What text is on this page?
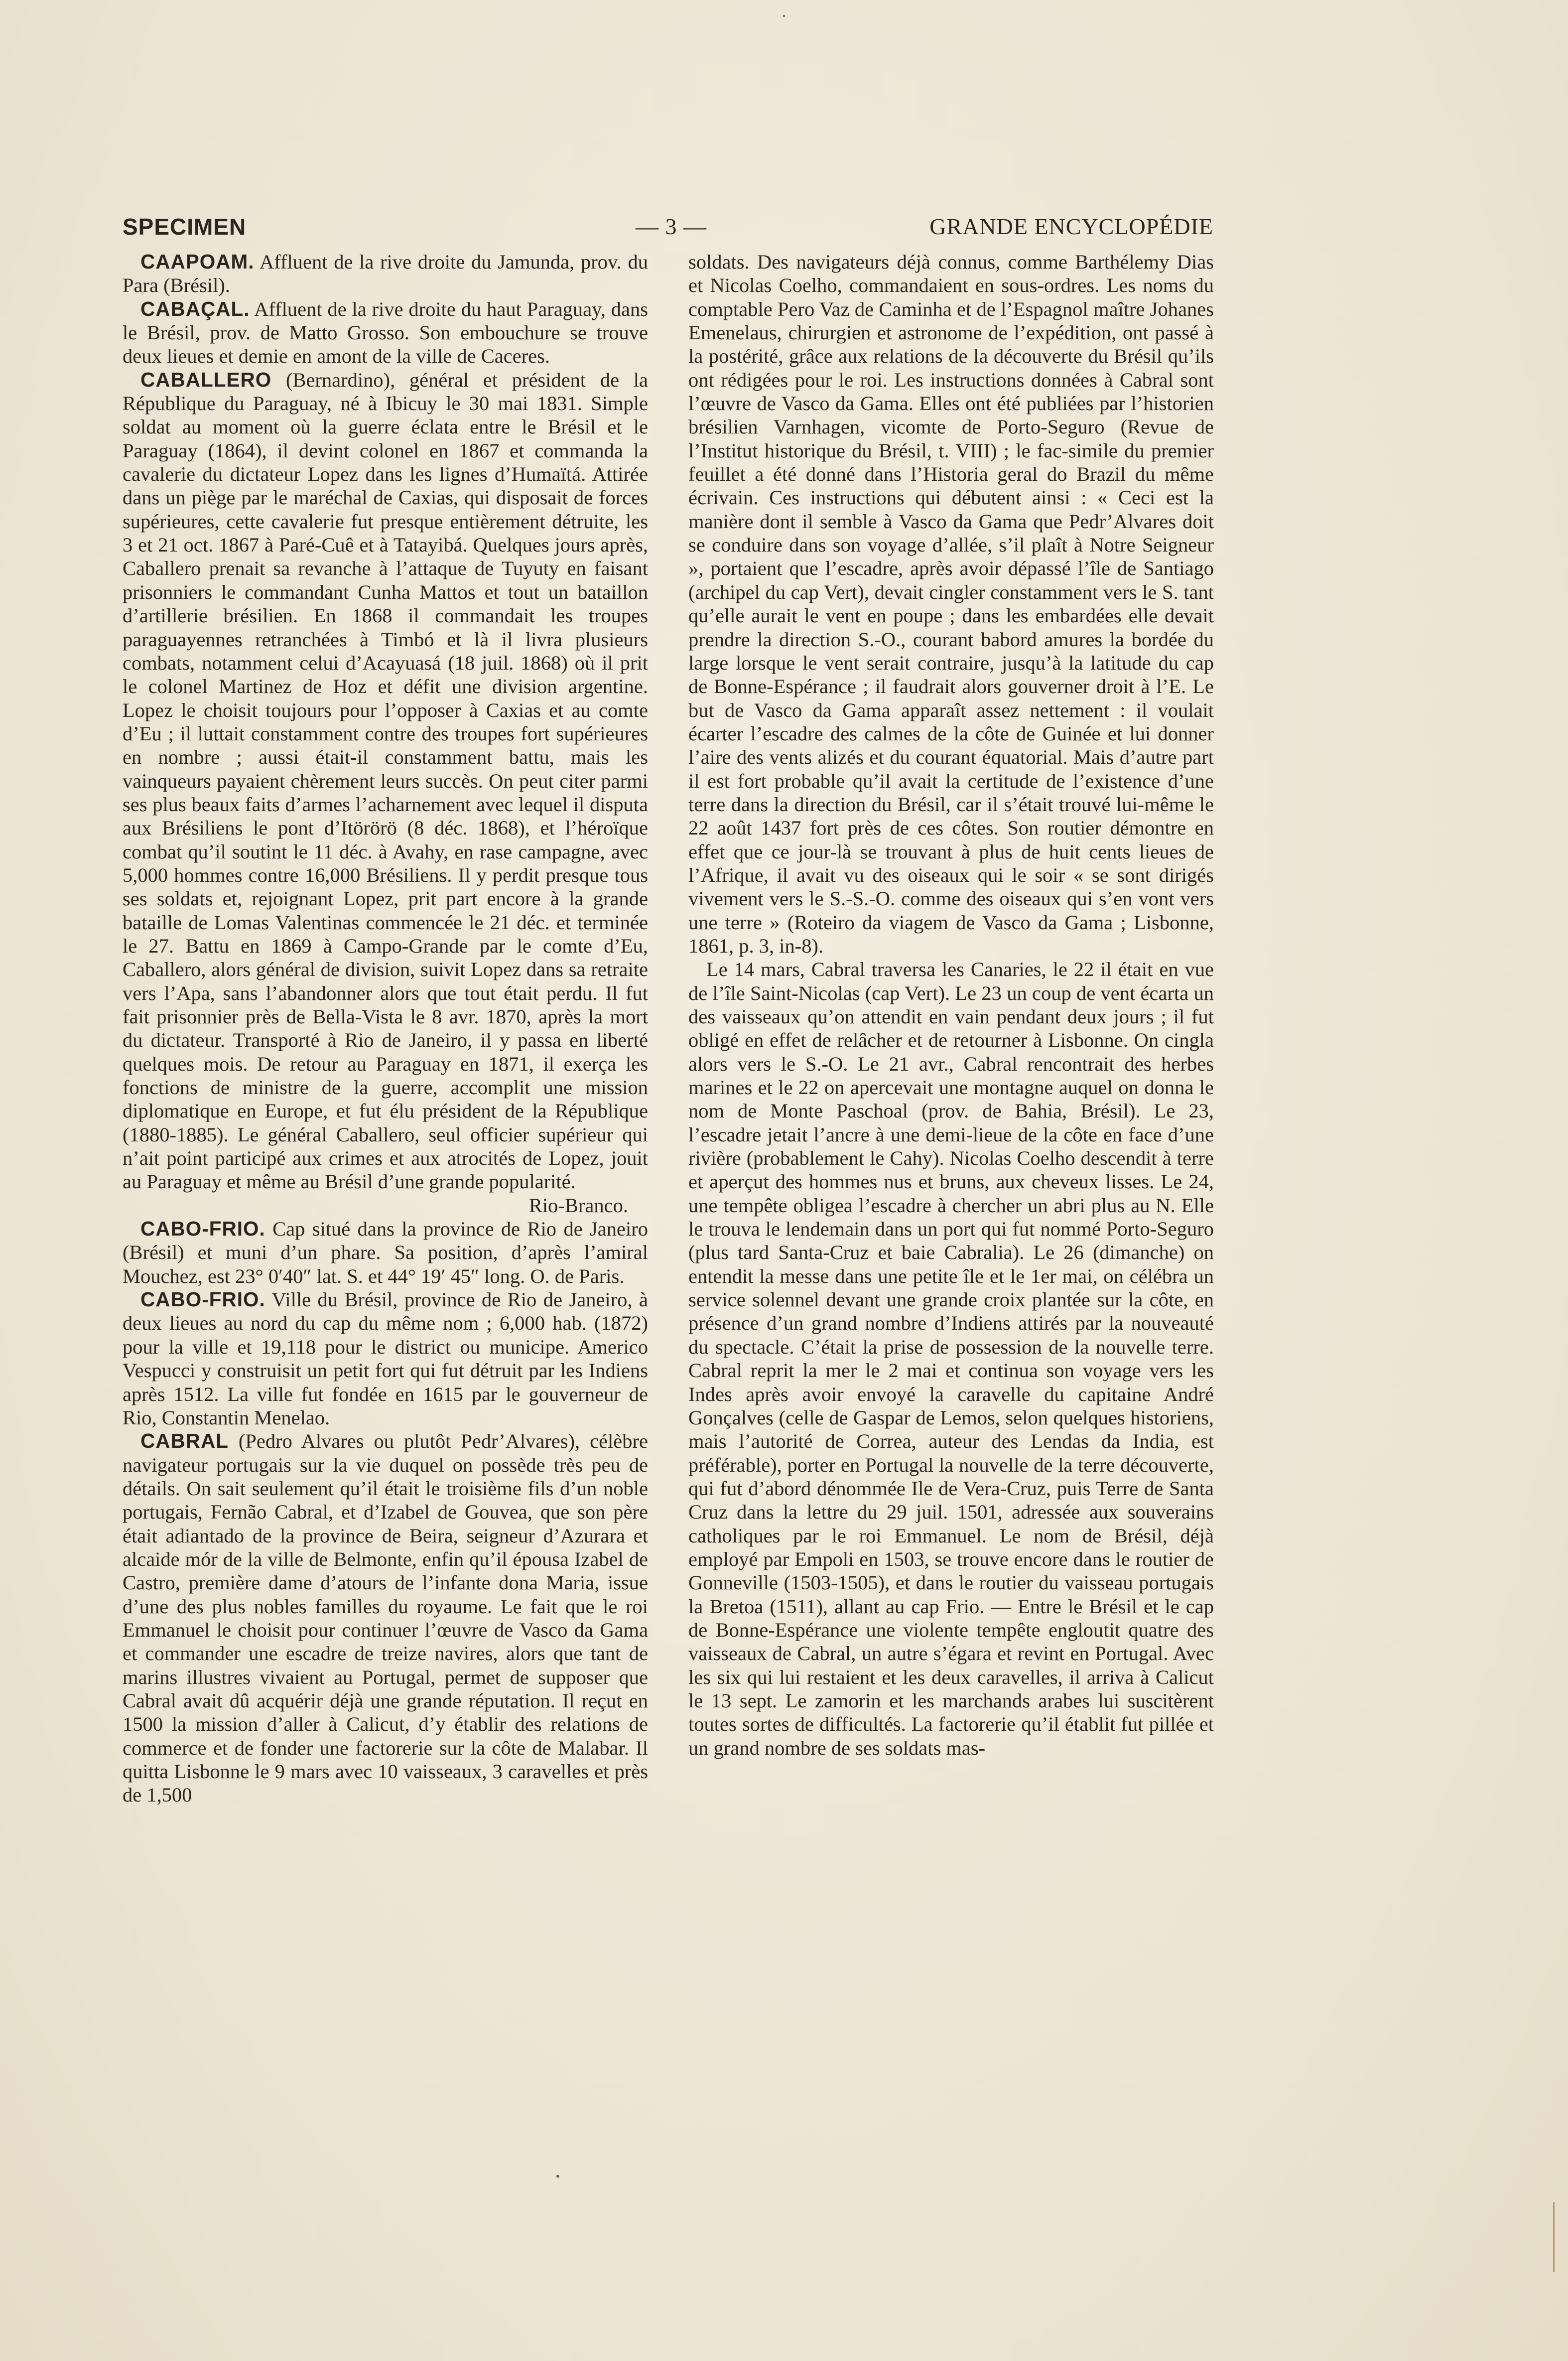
SPECIMEN	— 3 —	GRANDE ENCYCLOPÉDIE

CAAPOAM. Affluent de la rive droite du Jamunda, prov. du Para (Brésil).

CABAÇAL. Affluent de la rive droite du haut Paraguay, dans le Brésil, prov. de Matto Grosso. Son embouchure se trouve deux lieues et demie en amont de la ville de Caceres.

CABALLERO (Bernardino), général et président de la République du Paraguay, né à Ibicuy le 30 mai 1831. Simple soldat au moment où la guerre éclata entre le Brésil et le Paraguay (1864), il devint colonel en 1867 et commanda la cavalerie du dictateur Lopez dans les lignes d’Humaïtá. Attirée dans un piège par le maréchal de Caxias, qui disposait de forces supérieures, cette cavalerie fut presque entièrement détruite, les 3 et 21 oct. 1867 à Paré-Cuê et à Tatayibá. Quelques jours après, Caballero prenait sa revanche à l’attaque de Tuyuty en faisant prisonniers le commandant Cunha Mattos et tout un bataillon d’artillerie brésilien. En 1868 il commandait les troupes paraguayennes retranchées à Timbó et là il livra plusieurs combats, notamment celui d’Acayuasá (18 juil. 1868) où il prit le colonel Martinez de Hoz et défit une division argentine. Lopez le choisit toujours pour l’opposer à Caxias et au comte d’Eu ; il luttait constamment contre des troupes fort supérieures en nombre ; aussi était-il constamment battu, mais les vainqueurs payaient chèrement leurs succès. On peut citer parmi ses plus beaux faits d’armes l’acharnement avec lequel il disputa aux Brésiliens le pont d’Itörörö (8 déc. 1868), et l’héroïque combat qu’il soutint le 11 déc. à Avahy, en rase campagne, avec 5,000 hommes contre 16,000 Brésiliens. Il y perdit presque tous ses soldats et, rejoignant Lopez, prit part encore à la grande bataille de Lomas Valentinas commencée le 21 déc. et terminée le 27. Battu en 1869 à Campo-Grande par le comte d’Eu, Caballero, alors général de division, suivit Lopez dans sa retraite vers l’Apa, sans l’abandonner alors que tout était perdu. Il fut fait prisonnier près de Bella-Vista le 8 avr. 1870, après la mort du dictateur. Transporté à Rio de Janeiro, il y passa en liberté quelques mois. De retour au Paraguay en 1871, il exerça les fonctions de ministre de la guerre, accomplit une mission diplomatique en Europe, et fut élu président de la République (1880-1885). Le général Caballero, seul officier supérieur qui n’ait point participé aux crimes et aux atrocités de Lopez, jouit au Paraguay et même au Brésil d’une grande popularité.

Rio-Branco.

CABO-FRIO. Cap situé dans la province de Rio de Janeiro (Brésil) et muni d’un phare. Sa position, d’après l’amiral Mouchez, est 23° 0′40″ lat. S. et 44° 19′ 45″ long. O. de Paris.

CABO-FRIO. Ville du Brésil, province de Rio de Janeiro, à deux lieues au nord du cap du même nom ; 6,000 hab. (1872) pour la ville et 19,118 pour le district ou municipe. Americo Vespucci y construisit un petit fort qui fut détruit par les Indiens après 1512. La ville fut fondée en 1615 par le gouverneur de Rio, Constantin Menelao.

CABRAL (Pedro Alvares ou plutôt Pedr’Alvares), célèbre navigateur portugais sur la vie duquel on possède très peu de détails. On sait seulement qu’il était le troisième fils d’un noble portugais, Fernão Cabral, et d’Izabel de Gouvea, que son père était adiantado de la province de Beira, seigneur d’Azurara et alcaide mór de la ville de Belmonte, enfin qu’il épousa Izabel de Castro, première dame d’atours de l’infante dona Maria, issue d’une des plus nobles familles du royaume. Le fait que le roi Emmanuel le choisit pour continuer l’œuvre de Vasco da Gama et commander une escadre de treize navires, alors que tant de marins illustres vivaient au Portugal, permet de supposer que Cabral avait dû acquérir déjà une grande réputation. Il reçut en 1500 la mission d’aller à Calicut, d’y établir des relations de commerce et de fonder une factorerie sur la côte de Malabar. Il quitta Lisbonne le 9 mars avec 10 vaisseaux, 3 caravelles et près de 1,500

soldats. Des navigateurs déjà connus, comme Barthélemy Dias et Nicolas Coelho, commandaient en sous-ordres. Les noms du comptable Pero Vaz de Caminha et de l’Espagnol maître Johanes Emenelaus, chirurgien et astronome de l’expédition, ont passé à la postérité, grâce aux relations de la découverte du Brésil qu’ils ont rédigées pour le roi. Les instructions données à Cabral sont l’œuvre de Vasco da Gama. Elles ont été publiées par l’historien brésilien Varnhagen, vicomte de Porto-Seguro (Revue de l’Institut historique du Brésil, t. VIII) ; le fac-simile du premier feuillet a été donné dans l’Historia geral do Brazil du même écrivain. Ces instructions qui débutent ainsi : « Ceci est la manière dont il semble à Vasco da Gama que Pedr’Alvares doit se conduire dans son voyage d’allée, s’il plaît à Notre Seigneur », portaient que l’escadre, après avoir dépassé l’île de Santiago (archipel du cap Vert), devait cingler constamment vers le S. tant qu’elle aurait le vent en poupe ; dans les embardées elle devait prendre la direction S.-O., courant babord amures la bordée du large lorsque le vent serait contraire, jusqu’à la latitude du cap de Bonne-Espérance ; il faudrait alors gouverner droit à l’E. Le but de Vasco da Gama apparaît assez nettement : il voulait écarter l’escadre des calmes de la côte de Guinée et lui donner l’aire des vents alizés et du courant équatorial. Mais d’autre part il est fort probable qu’il avait la certitude de l’existence d’une terre dans la direction du Brésil, car il s’était trouvé lui-même le 22 août 1437 fort près de ces côtes. Son routier démontre en effet que ce jour-là se trouvant à plus de huit cents lieues de l’Afrique, il avait vu des oiseaux qui le soir « se sont dirigés vivement vers le S.-S.-O. comme des oiseaux qui s’en vont vers une terre » (Roteiro da viagem de Vasco da Gama ; Lisbonne, 1861, p. 3, in-8).

Le 14 mars, Cabral traversa les Canaries, le 22 il était en vue de l’île Saint-Nicolas (cap Vert). Le 23 un coup de vent écarta un des vaisseaux qu’on attendit en vain pendant deux jours ; il fut obligé en effet de relâcher et de retourner à Lisbonne. On cingla alors vers le S.-O. Le 21 avr., Cabral rencontrait des herbes marines et le 22 on apercevait une montagne auquel on donna le nom de Monte Paschoal (prov. de Bahia, Brésil). Le 23, l’escadre jetait l’ancre à une demi-lieue de la côte en face d’une rivière (probablement le Cahy). Nicolas Coelho descendit à terre et aperçut des hommes nus et bruns, aux cheveux lisses. Le 24, une tempête obligea l’escadre à chercher un abri plus au N. Elle le trouva le lendemain dans un port qui fut nommé Porto-Seguro (plus tard Santa-Cruz et baie Cabralia). Le 26 (dimanche) on entendit la messe dans une petite île et le 1er mai, on célébra un service solennel devant une grande croix plantée sur la côte, en présence d’un grand nombre d’Indiens attirés par la nouveauté du spectacle. C’était la prise de possession de la nouvelle terre. Cabral reprit la mer le 2 mai et continua son voyage vers les Indes après avoir envoyé la caravelle du capitaine André Gonçalves (celle de Gaspar de Lemos, selon quelques historiens, mais l’autorité de Correa, auteur des Lendas da India, est préférable), porter en Portugal la nouvelle de la terre découverte, qui fut d’abord dénommée Ile de Vera-Cruz, puis Terre de Santa Cruz dans la lettre du 29 juil. 1501, adressée aux souverains catholiques par le roi Emmanuel. Le nom de Brésil, déjà employé par Empoli en 1503, se trouve encore dans le routier de Gonneville (1503-1505), et dans le routier du vaisseau portugais la Bretoa (1511), allant au cap Frio. — Entre le Brésil et le cap de Bonne-Espérance une violente tempête engloutit quatre des vaisseaux de Cabral, un autre s’égara et revint en Portugal. Avec les six qui lui restaient et les deux caravelles, il arriva à Calicut le 13 sept. Le zamorin et les marchands arabes lui suscitèrent toutes sortes de difficultés. La factorerie qu’il établit fut pillée et un grand nombre de ses soldats mas-
